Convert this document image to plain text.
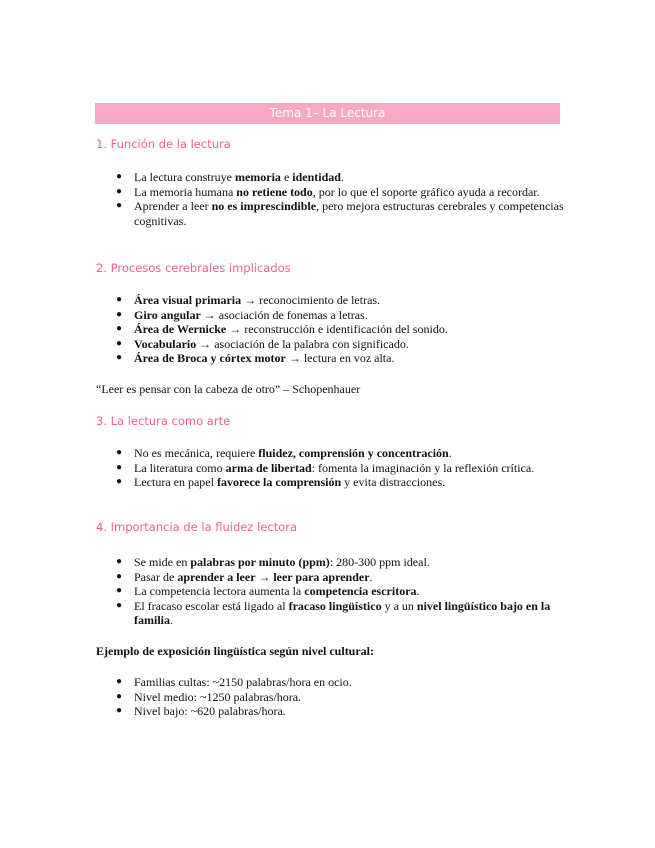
Tema 1– La Lectura
1. Función de la lectura
● La lectura construye memoria e identidad.
● La memoria humana no retiene todo, por lo que el soporte gráfico ayuda a recordar.
● Aprender a leer no es imprescindible, pero mejora estructuras cerebrales y competencias cognitivas.
2. Procesos cerebrales implicados
● Área visual primaria → reconocimiento de letras.
● Giro angular → asociación de fonemas a letras.
● Área de Wernicke → reconstrucción e identificación del sonido.
● Vocabulario → asociación de la palabra con significado.
● Área de Broca y córtex motor → lectura en voz alta.

“Leer es pensar con la cabeza de otro” – Schopenhauer

3. La lectura como arte
● No es mecánica, requiere fluidez, comprensión y concentración.
● La literatura como arma de libertad: fomenta la imaginación y la reflexión crítica.
● Lectura en papel favorece la comprensión y evita distracciones.
4. Importancia de la fluidez lectora
● Se mide en palabras por minuto (ppm): 280-300 ppm ideal.
● Pasar de aprender a leer → leer para aprender.
● La competencia lectora aumenta la competencia escritora.
● El fracaso escolar está ligado al fracaso lingüístico y a un nivel lingüístico bajo en la familia.

Ejemplo de exposición lingüística según nivel cultural:

● Familias cultas: ~2150 palabras/hora en ocio.
● Nivel medio: ~1250 palabras/hora.
● Nivel bajo: ~620 palabras/hora.
